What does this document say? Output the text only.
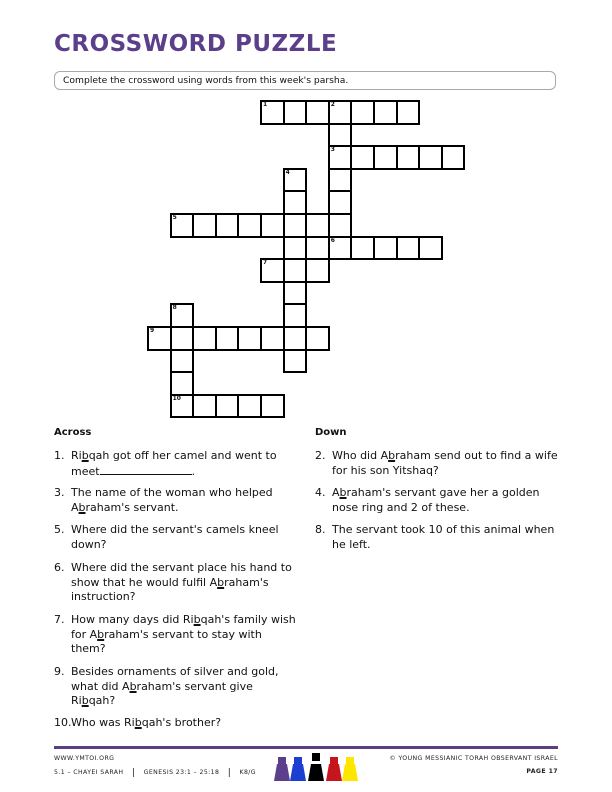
CROSSWORD PUZZLE
Complete the crossword using words from this week's parsha.
1	2
3
4
5
6
7
8
9
10
Across
1. Ribqah got off her camel and went to meet	.
3. The name of the woman who helped Abraham's servant.
5. Where did the servant's camels kneel down?
6. Where did the servant place his hand to show that he would fulfil Abraham's instruction?
7. How many days did Ribqah's family wish for Abraham's servant to stay with them?
9. Besides ornaments of silver and gold, what did Abraham's servant give Ribqah?
10. Who was Ribqah's brother?
Down
2. Who did Abraham send out to find a wife for his son Yitshaq?
4. Abraham's servant gave her a golden nose ring and 2 of these.
8. The servant took 10 of this animal when he left.
WWW.YMTOI.ORG
5.1 – CHAYEI SARAH | GENESIS 23:1 – 25:18 | K8/G
© YOUNG MESSIANIC TORAH OBSERVANT ISRAEL
PAGE 17
